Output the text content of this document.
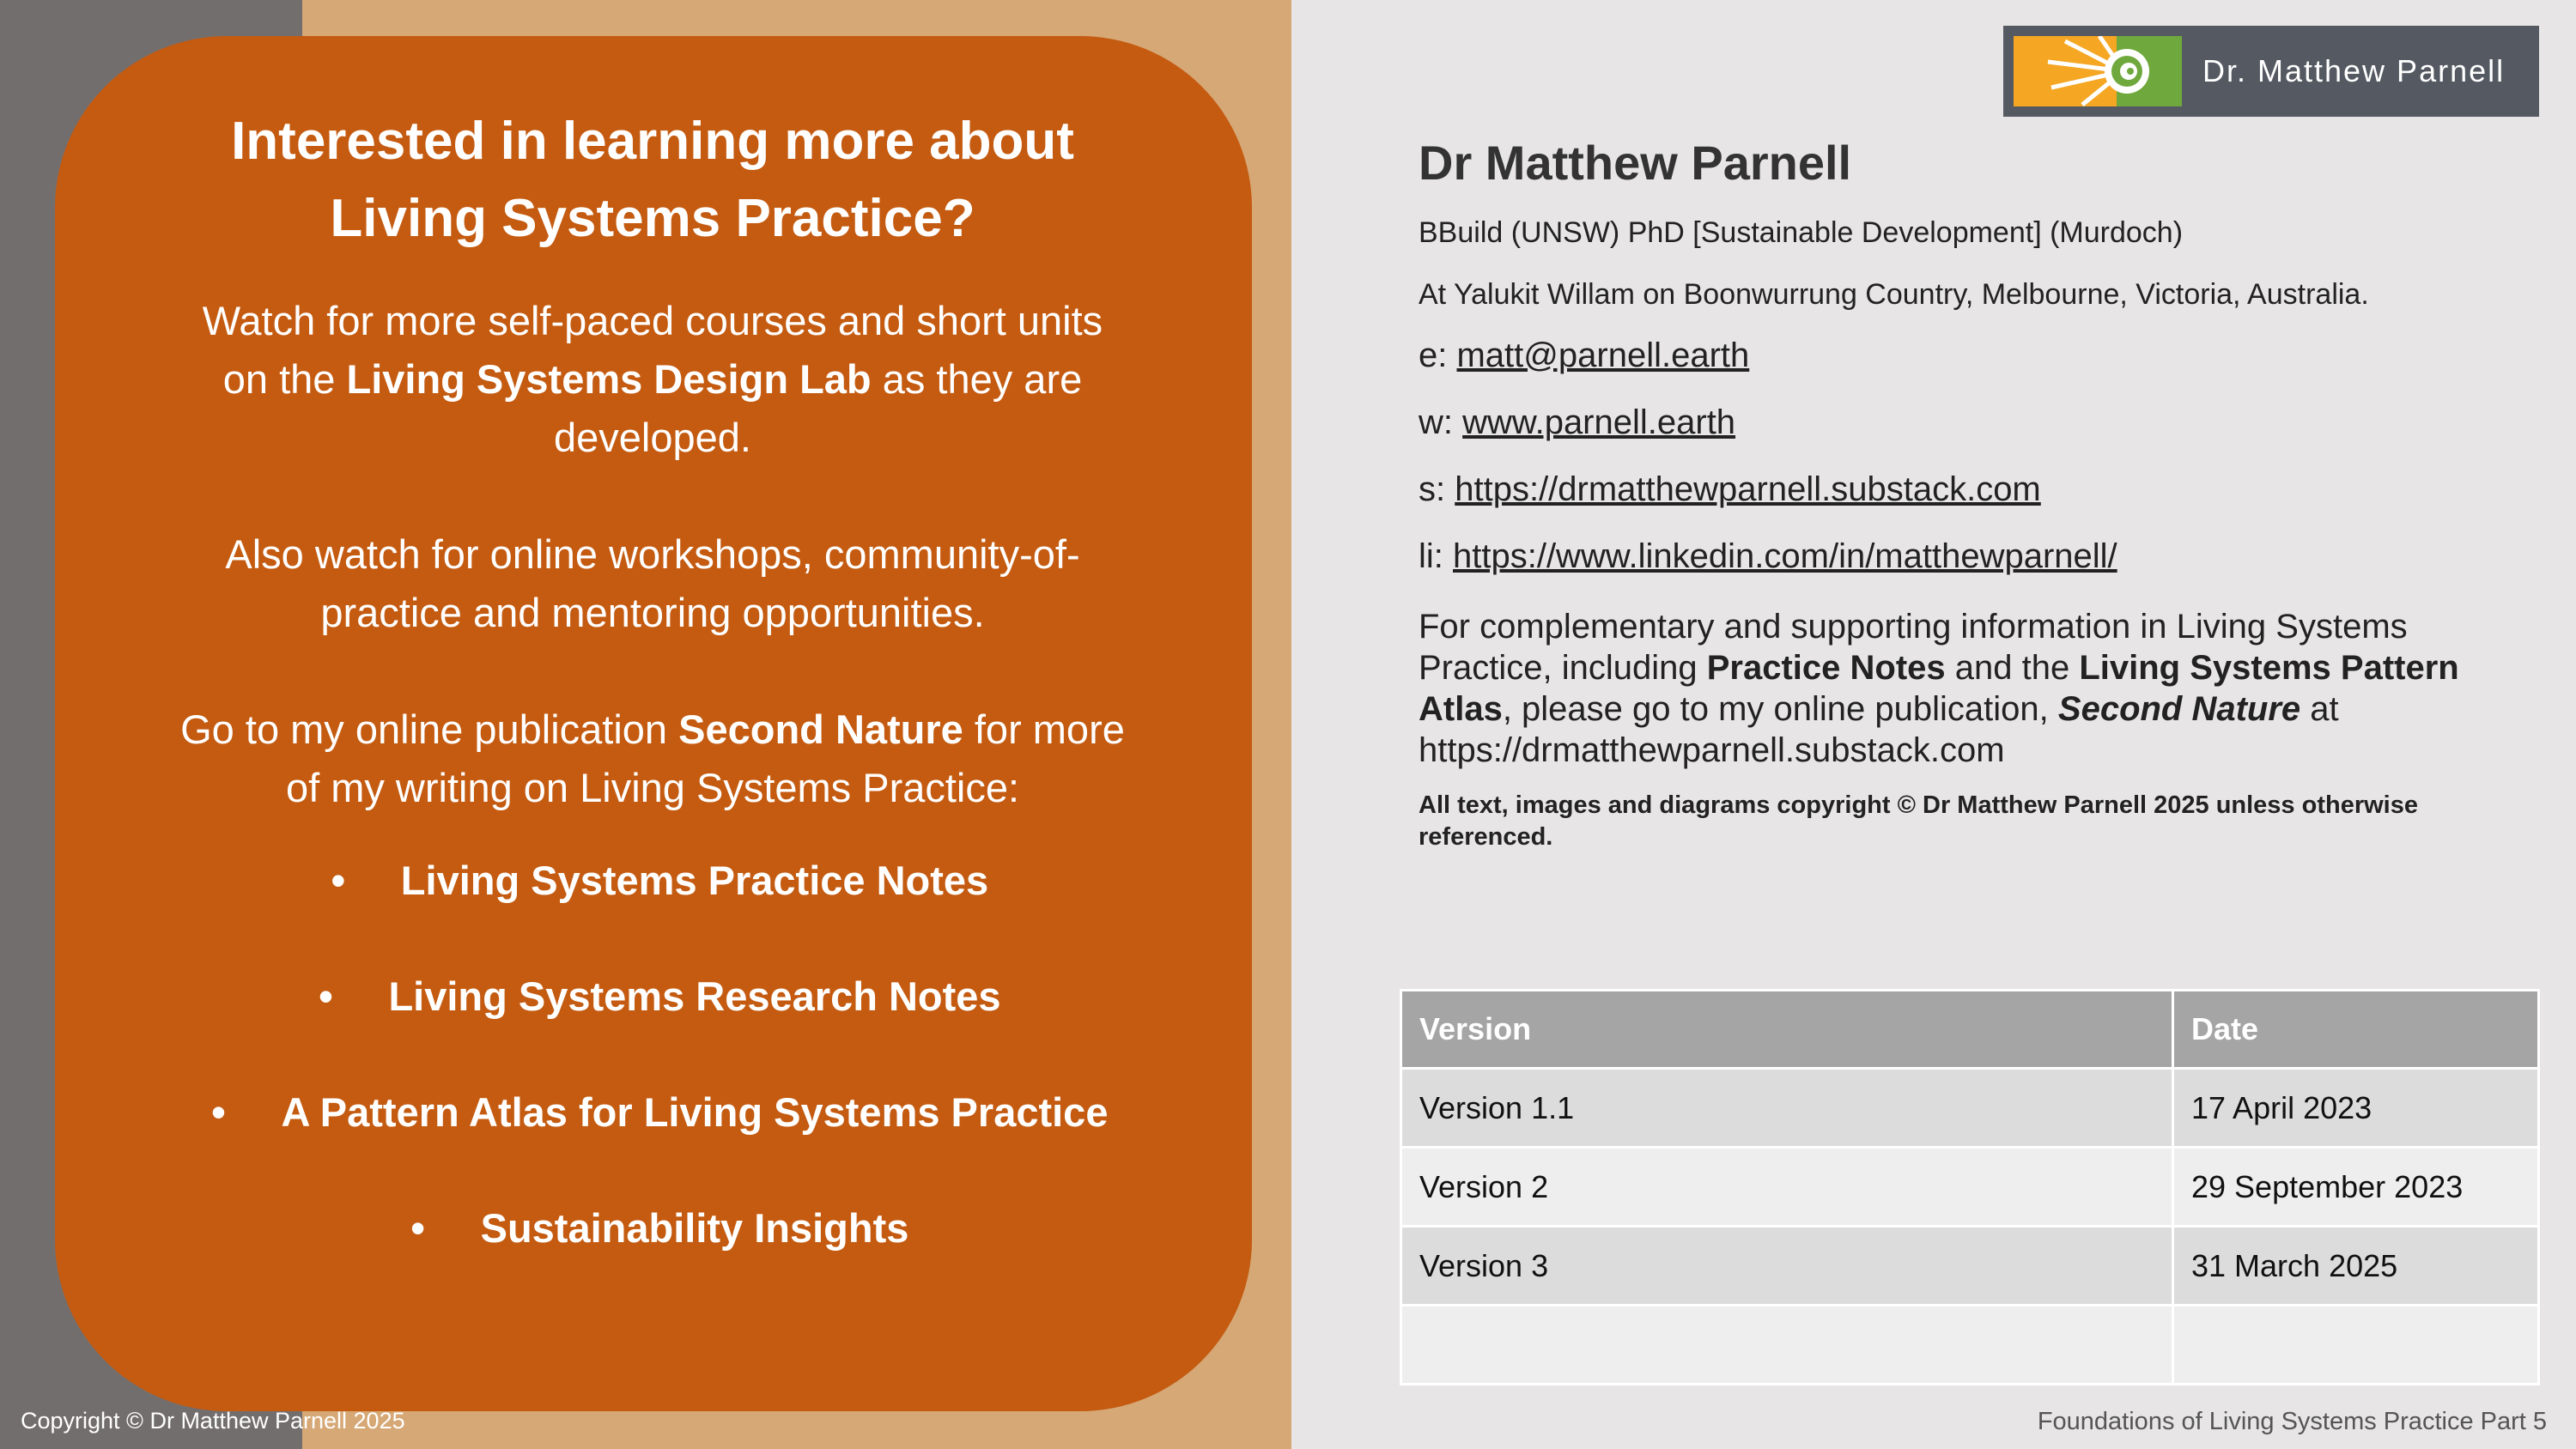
Interested in learning more about
Living Systems Practice?

Watch for more self-paced courses and short units
on the Living Systems Design Lab as they are
developed.

Also watch for online workshops, community-of-
practice and mentoring opportunities.

Go to my online publication Second Nature for more
of my writing on Living Systems Practice:

• Living Systems Practice Notes
• Living Systems Research Notes
• A Pattern Atlas for Living Systems Practice
• Sustainability Insights
Dr. Matthew Parnell
Dr Matthew Parnell

BBuild (UNSW) PhD [Sustainable Development] (Murdoch)

At Yalukit Willam on Boonwurrung Country, Melbourne, Victoria, Australia.

e: matt@parnell.earth

w: www.parnell.earth

s: https://drmatthewparnell.substack.com

li: https://www.linkedin.com/in/matthewparnell/

For complementary and supporting information in Living Systems Practice, including Practice Notes and the Living Systems Pattern Atlas, please go to my online publication, Second Nature at https://drmatthewparnell.substack.com

All text, images and diagrams copyright © Dr Matthew Parnell 2025 unless otherwise referenced.

Version	Date
Version 1.1	17 April 2023
Version 2	29 September 2023
Version 3	31 March 2025

Copyright © Dr Matthew Parnell 2025	Foundations of Living Systems Practice Part 5
